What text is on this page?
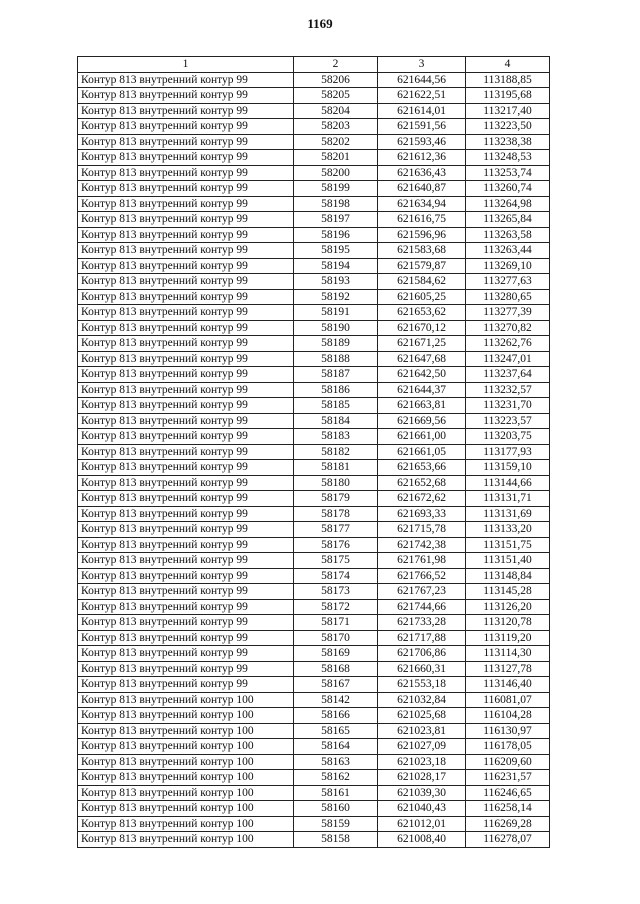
1169
1	2	3	4
Контур 813 внутренний контур 99	58206	621644,56	113188,85
Контур 813 внутренний контур 99	58205	621622,51	113195,68
Контур 813 внутренний контур 99	58204	621614,01	113217,40
Контур 813 внутренний контур 99	58203	621591,56	113223,50
Контур 813 внутренний контур 99	58202	621593,46	113238,38
Контур 813 внутренний контур 99	58201	621612,36	113248,53
Контур 813 внутренний контур 99	58200	621636,43	113253,74
Контур 813 внутренний контур 99	58199	621640,87	113260,74
Контур 813 внутренний контур 99	58198	621634,94	113264,98
Контур 813 внутренний контур 99	58197	621616,75	113265,84
Контур 813 внутренний контур 99	58196	621596,96	113263,58
Контур 813 внутренний контур 99	58195	621583,68	113263,44
Контур 813 внутренний контур 99	58194	621579,87	113269,10
Контур 813 внутренний контур 99	58193	621584,62	113277,63
Контур 813 внутренний контур 99	58192	621605,25	113280,65
Контур 813 внутренний контур 99	58191	621653,62	113277,39
Контур 813 внутренний контур 99	58190	621670,12	113270,82
Контур 813 внутренний контур 99	58189	621671,25	113262,76
Контур 813 внутренний контур 99	58188	621647,68	113247,01
Контур 813 внутренний контур 99	58187	621642,50	113237,64
Контур 813 внутренний контур 99	58186	621644,37	113232,57
Контур 813 внутренний контур 99	58185	621663,81	113231,70
Контур 813 внутренний контур 99	58184	621669,56	113223,57
Контур 813 внутренний контур 99	58183	621661,00	113203,75
Контур 813 внутренний контур 99	58182	621661,05	113177,93
Контур 813 внутренний контур 99	58181	621653,66	113159,10
Контур 813 внутренний контур 99	58180	621652,68	113144,66
Контур 813 внутренний контур 99	58179	621672,62	113131,71
Контур 813 внутренний контур 99	58178	621693,33	113131,69
Контур 813 внутренний контур 99	58177	621715,78	113133,20
Контур 813 внутренний контур 99	58176	621742,38	113151,75
Контур 813 внутренний контур 99	58175	621761,98	113151,40
Контур 813 внутренний контур 99	58174	621766,52	113148,84
Контур 813 внутренний контур 99	58173	621767,23	113145,28
Контур 813 внутренний контур 99	58172	621744,66	113126,20
Контур 813 внутренний контур 99	58171	621733,28	113120,78
Контур 813 внутренний контур 99	58170	621717,88	113119,20
Контур 813 внутренний контур 99	58169	621706,86	113114,30
Контур 813 внутренний контур 99	58168	621660,31	113127,78
Контур 813 внутренний контур 99	58167	621553,18	113146,40
Контур 813 внутренний контур 100	58142	621032,84	116081,07
Контур 813 внутренний контур 100	58166	621025,68	116104,28
Контур 813 внутренний контур 100	58165	621023,81	116130,97
Контур 813 внутренний контур 100	58164	621027,09	116178,05
Контур 813 внутренний контур 100	58163	621023,18	116209,60
Контур 813 внутренний контур 100	58162	621028,17	116231,57
Контур 813 внутренний контур 100	58161	621039,30	116246,65
Контур 813 внутренний контур 100	58160	621040,43	116258,14
Контур 813 внутренний контур 100	58159	621012,01	116269,28
Контур 813 внутренний контур 100	58158	621008,40	116278,07
